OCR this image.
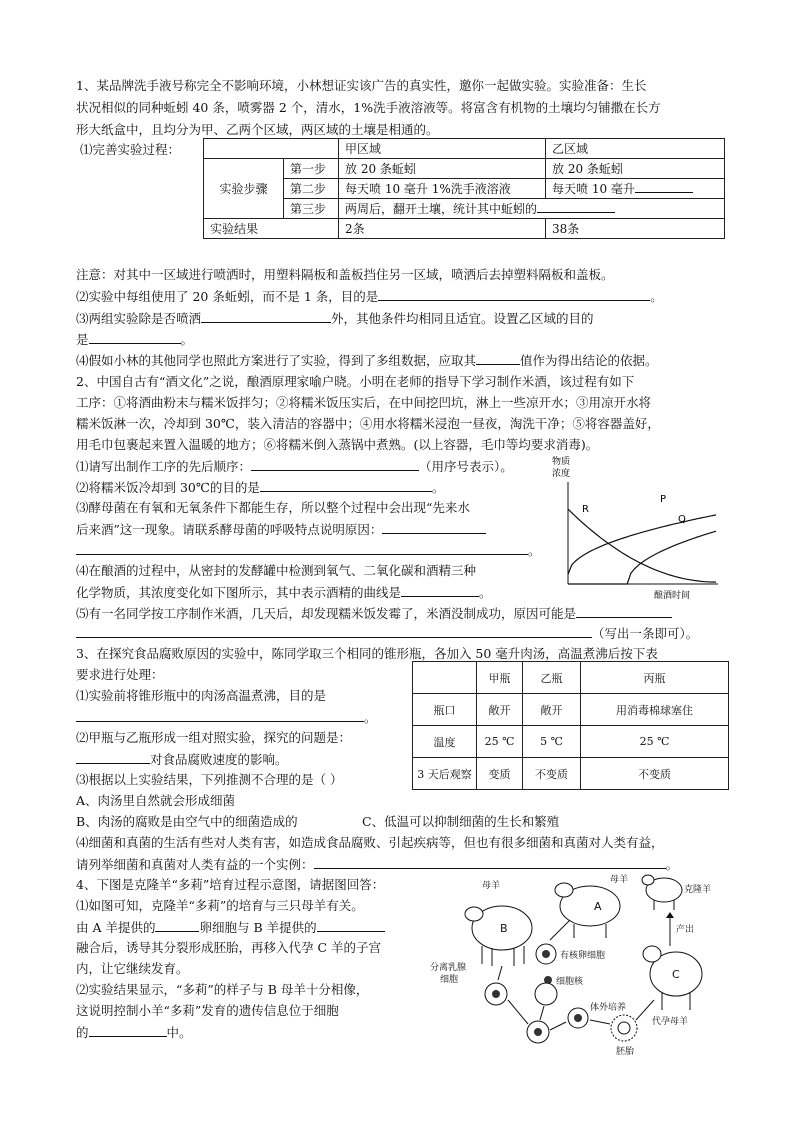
1、某品牌洗手液号称完全不影响环境，小林想证实该广告的真实性，邀你一起做实验。实验准备：生长
状况相似的同种蚯蚓 40 条，喷雾器 2 个，清水，1%洗手液溶液等。将富含有机物的土壤均匀铺撒在长方
形大纸盒中，且均分为甲、乙两个区域，两区域的土壤是相通的。
⑴完善实验过程：
		甲区域	乙区域
实验步骤	第一步	放 20 条蚯蚓	放 20 条蚯蚓
	第二步	每天喷 10 毫升 1%洗手液溶液	每天喷 10 毫升
	第三步	两周后，翻开土壤，统计其中蚯蚓的	
实验结果		2条	38条
注意：对其中一区域进行喷洒时，用塑料隔板和盖板挡住另一区域，喷洒后去掉塑料隔板和盖板。
⑵实验中每组使用了 20 条蚯蚓，而不是 1 条，目的是	。
⑶两组实验除是否喷洒	外，其他条件均相同且适宜。设置乙区域的目的
是	。
⑷假如小林的其他同学也照此方案进行了实验，得到了多组数据，应取其	值作为得出结论的依据。
2、中国自古有“酒文化”之说，酿酒原理家喻户晓。小明在老师的指导下学习制作米酒，该过程有如下
工序：①将酒曲粉末与糯米饭拌匀；②将糯米饭压实后，在中间挖凹坑，淋上一些凉开水；③用凉开水将
糯米饭淋一次，冷却到 30℃，装入清洁的容器中；④用水将糯米浸泡一昼夜，淘洗干净；⑤将容器盖好，
用毛巾包裹起来置入温暖的地方；⑥将糯米倒入蒸锅中煮熟。(以上容器，毛巾等均要求消毒)。
⑴请写出制作工序的先后顺序：	（用序号表示）。
⑵将糯米饭冷却到 30℃的目的是	。
⑶酵母菌在有氧和无氧条件下都能生存，所以整个过程中会出现“先来水
后来酒”这一现象。请联系酵母菌的呼吸特点说明原因：
。
⑷在酿酒的过程中，从密封的发酵罐中检测到氧气、二氧化碳和酒精三种
化学物质，其浓度变化如下图所示，其中表示酒精的曲线是	。
⑸有一名同学按工序制作米酒，几天后，却发现糯米饭发霉了，米酒没制成功，原因可能是
（写出一条即可）。
物质
浓度
R
P
Q
酿酒时间
3、在探究食品腐败原因的实验中，陈同学取三个相同的锥形瓶，各加入 50 毫升肉汤，高温煮沸后按下表
要求进行处理：
⑴实验前将锥形瓶中的肉汤高温煮沸，目的是
。
⑵甲瓶与乙瓶形成一组对照实验，探究的问题是：
对食品腐败速度的影响。
⑶根据以上实验结果，下列推测不合理的是（ ）
A、肉汤里自然就会形成细菌
B、肉汤的腐败是由空气中的细菌造成的	C、低温可以抑制细菌的生长和繁殖
⑷细菌和真菌的生活有些对人类有害，如造成食品腐败、引起疾病等，但也有很多细菌和真菌对人类有益，
请列举细菌和真菌对人类有益的一个实例：	。
	甲瓶	乙瓶	丙瓶
瓶口	敞开	敞开	用消毒棉球塞住
温度	25 ℃	5 ℃	25 ℃
3 天后观察	变质	不变质	不变质
4、下图是克隆羊“多莉”培育过程示意图，请据图回答：
⑴如图可知，克隆羊“多莉”的培育与三只母羊有关。
由 A 羊提供的	卵细胞与 B 羊提供的
融合后，诱导其分裂形成胚胎，再移入代孕 C 羊的子宫
内，让它继续发育。
⑵实验结果显示，“多莉”的样子与 B 母羊十分相像，
这说明控制小羊“多莉”发育的遗传信息位于细胞
的	中。
母羊
B
母羊
A
克隆羊
C
产出
有核卵细胞
细胞核
分离乳腺
细胞
体外培养
胚胎
代孕母羊
